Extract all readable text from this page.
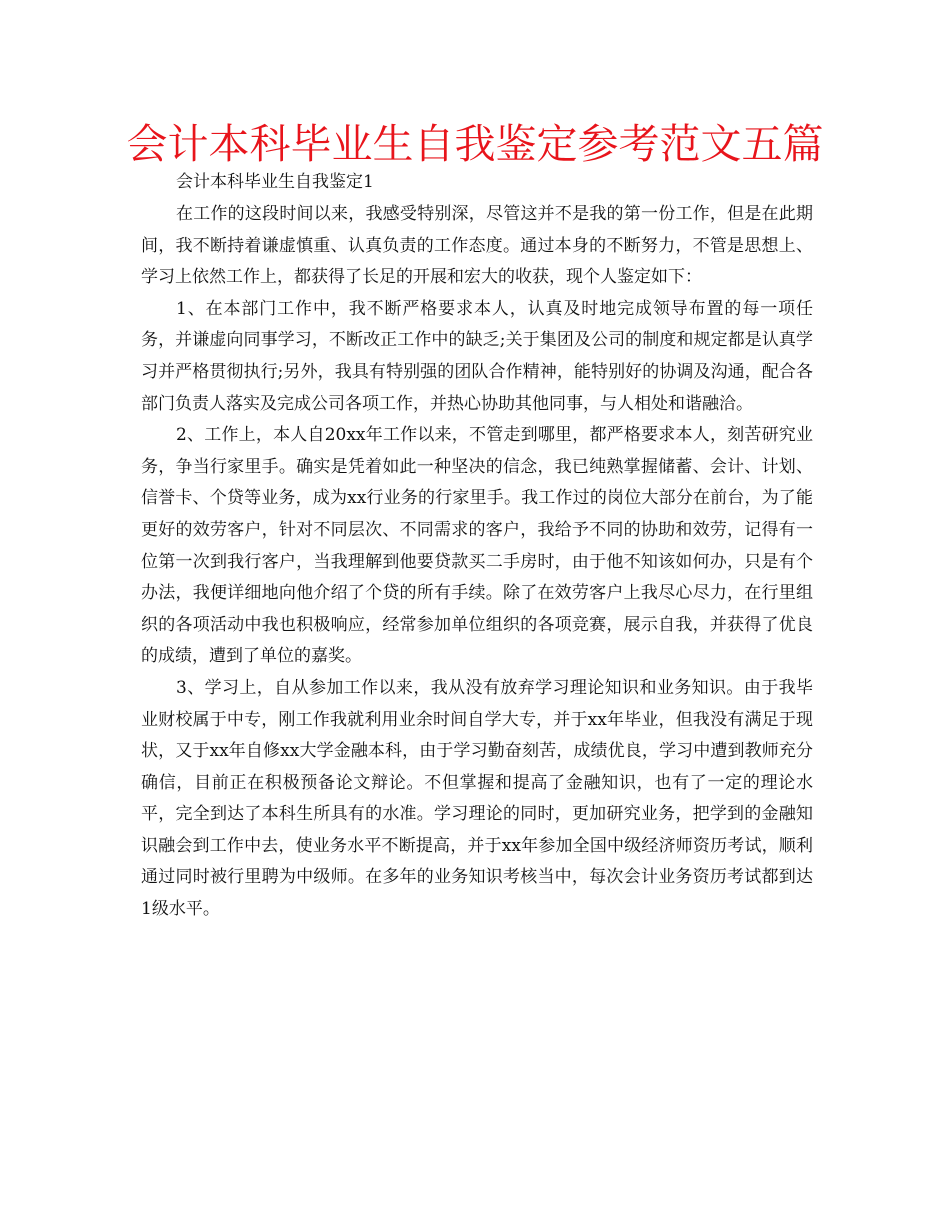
会计本科毕业生自我鉴定参考范文五篇

会计本科毕业生自我鉴定1

在工作的这段时间以来，我感受特别深，尽管这并不是我的第一份工作，但是在此期间，我不断持着谦虚慎重、认真负责的工作态度。通过本身的不断努力，不管是思想上、学习上依然工作上，都获得了长足的开展和宏大的收获，现个人鉴定如下：

1、在本部门工作中，我不断严格要求本人，认真及时地完成领导布置的每一项任务，并谦虚向同事学习，不断改正工作中的缺乏;关于集团及公司的制度和规定都是认真学习并严格贯彻执行;另外，我具有特别强的团队合作精神，能特别好的协调及沟通，配合各部门负责人落实及完成公司各项工作，并热心协助其他同事，与人相处和谐融洽。

2、工作上，本人自20xx年工作以来，不管走到哪里，都严格要求本人，刻苦研究业务，争当行家里手。确实是凭着如此一种坚决的信念，我已纯熟掌握储蓄、会计、计划、信誉卡、个贷等业务，成为xx行业务的行家里手。我工作过的岗位大部分在前台，为了能更好的效劳客户，针对不同层次、不同需求的客户，我给予不同的协助和效劳，记得有一位第一次到我行客户，当我理解到他要贷款买二手房时，由于他不知该如何办，只是有个办法，我便详细地向他介绍了个贷的所有手续。除了在效劳客户上我尽心尽力，在行里组织的各项活动中我也积极响应，经常参加单位组织的各项竞赛，展示自我，并获得了优良的成绩，遭到了单位的嘉奖。

3、学习上，自从参加工作以来，我从没有放弃学习理论知识和业务知识。由于我毕业财校属于中专，刚工作我就利用业余时间自学大专，并于xx年毕业，但我没有满足于现状，又于xx年自修xx大学金融本科，由于学习勤奋刻苦，成绩优良，学习中遭到教师充分确信，目前正在积极预备论文辩论。不但掌握和提高了金融知识，也有了一定的理论水平，完全到达了本科生所具有的水准。学习理论的同时，更加研究业务，把学到的金融知识融会到工作中去，使业务水平不断提高，并于xx年参加全国中级经济师资历考试，顺利通过同时被行里聘为中级师。在多年的业务知识考核当中，每次会计业务资历考试都到达1级水平。
